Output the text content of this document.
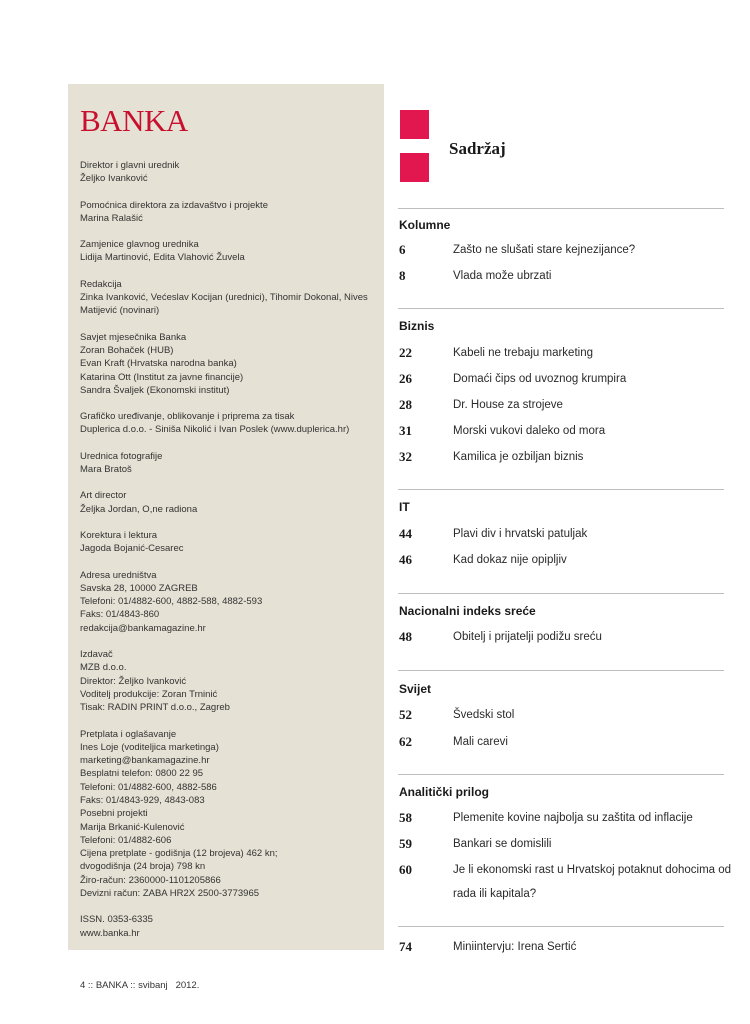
BANKA
Direktor i glavni urednik
Željko Ivanković
Pomoćnica direktora za izdavaštvo i projekte
Marina Ralašić
Zamjenice glavnog urednika
Lidija Martinović, Edita Vlahović Žuvela
Redakcija
Zinka Ivanković, Većeslav Kocijan (urednici), Tihomir Dokonal, Nives
Matijević (novinari)
Savjet mjesečnika Banka
Zoran Bohaček (HUB)
Evan Kraft (Hrvatska narodna banka)
Katarina Ott (Institut za javne financije)
Sandra Švaljek (Ekonomski institut)
Grafičko uređivanje, oblikovanje i priprema za tisak
Duplerica d.o.o. - Siniša Nikolić i Ivan Poslek (www.duplerica.hr)
Urednica fotografije
Mara Bratoš
Art director
Željka Jordan, O,ne radiona
Korektura i lektura
Jagoda Bojanić-Cesarec
Adresa uredništva
Savska 28, 10000 ZAGREB
Telefoni: 01/4882-600, 4882-588, 4882-593
Faks: 01/4843-860
redakcija@bankamagazine.hr
Izdavač
MZB d.o.o.
Direktor: Željko Ivanković
Voditelj produkcije: Zoran Trninić
Tisak: RADIN PRINT d.o.o., Zagreb
Pretplata i oglašavanje
Ines Loje (voditeljica marketinga)
marketing@bankamagazine.hr
Besplatni telefon: 0800 22 95
Telefoni: 01/4882-600, 4882-586
Faks: 01/4843-929, 4843-083
Posebni projekti
Marija Brkanić-Kulenović
Telefoni: 01/4882-606
Cijena pretplate - godišnja (12 brojeva) 462 kn;
dvogodišnja (24 broja) 798 kn
Žiro-račun: 2360000-1101205866
Devizni račun: ZABA HR2X 2500-3773965
ISSN. 0353-6335
www.banka.hr
Sadržaj
Kolumne
6	Zašto ne slušati stare kejnezijance?
8	Vlada može ubrzati
Biznis
22	Kabeli ne trebaju marketing
26	Domaći čips od uvoznog krumpira
28	Dr. House za strojeve
31	Morski vukovi daleko od mora
32	Kamilica je ozbiljan biznis
IT
44	Plavi div i hrvatski patuljak
46	Kad dokaz nije opipljiv
Nacionalni indeks sreće
48	Obitelj i prijatelji podižu sreću
Svijet
52	Švedski stol
62	Mali carevi
Analitički prilog
58	Plemenite kovine najbolja su zaštita od inflacije
59	Bankari se domislili
60	Je li ekonomski rast u Hrvatskoj potaknut dohocima od rada ili kapitala?
74	Miniintervju: Irena Sertić
4 :: BANKA :: svibanj   2012.
